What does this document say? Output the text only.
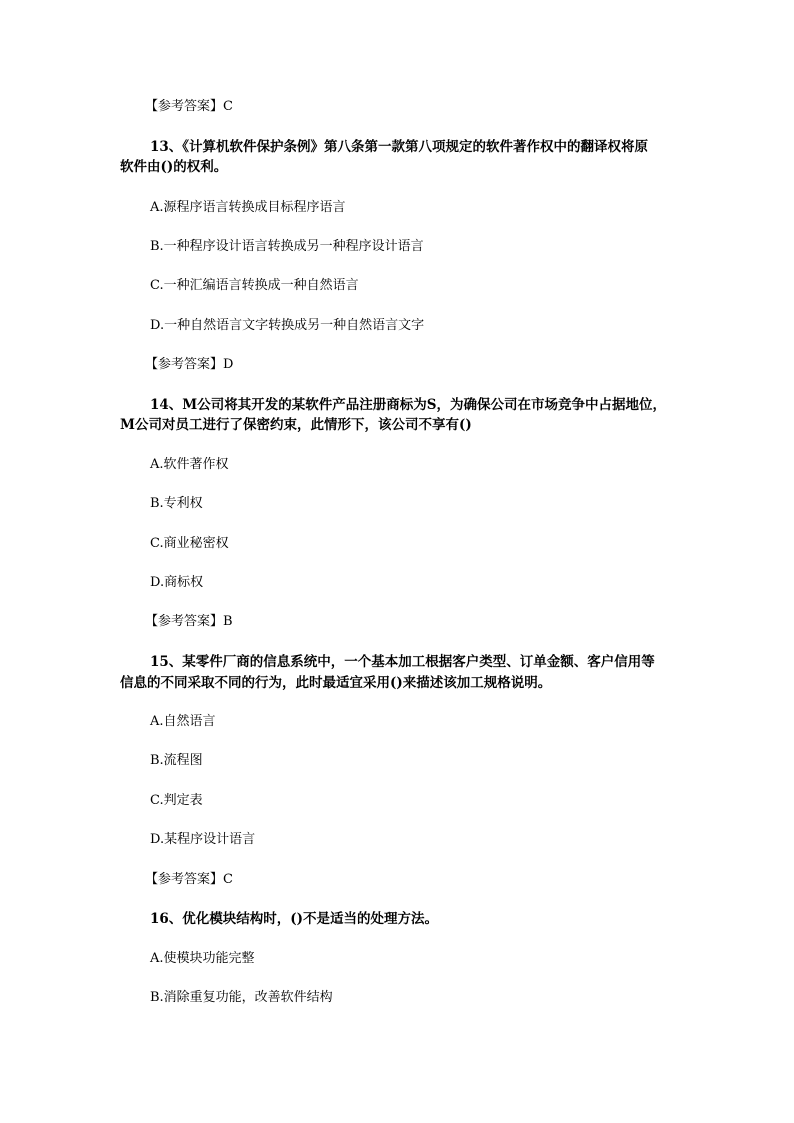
【参考答案】C
13、《计算机软件保护条例》第八条第一款第八项规定的软件著作权中的翻译权将原
软件由()的权利。
A.源程序语言转换成目标程序语言
B.一种程序设计语言转换成另一种程序设计语言
C.一种汇编语言转换成一种自然语言
D.一种自然语言文字转换成另一种自然语言文字
【参考答案】D
14、M公司将其开发的某软件产品注册商标为S，为确保公司在市场竞争中占据地位，
M公司对员工进行了保密约束，此情形下，该公司不享有()
A.软件著作权
B.专利权
C.商业秘密权
D.商标权
【参考答案】B
15、某零件厂商的信息系统中，一个基本加工根据客户类型、订单金额、客户信用等
信息的不同采取不同的行为，此时最适宜采用()来描述该加工规格说明。
A.自然语言
B.流程图
C.判定表
D.某程序设计语言
【参考答案】C
16、优化模块结构时，()不是适当的处理方法。
A.使模块功能完整
B.消除重复功能，改善软件结构
